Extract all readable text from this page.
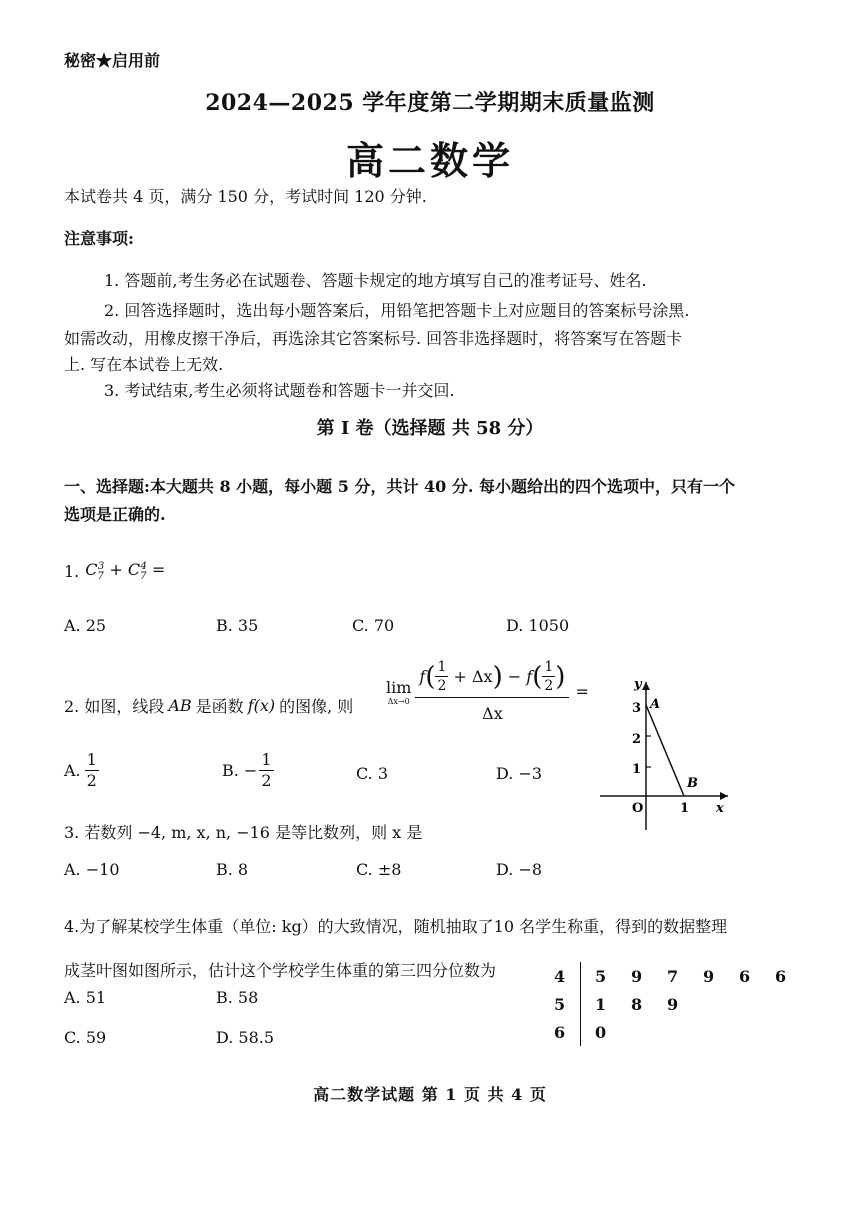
秘密★启用前
2024—2025 学年度第二学期期末质量监测
高二数学
本试卷共 4 页，满分 150 分，考试时间 120 分钟.
注意事项:
1. 答题前,考生务必在试题卷、答题卡规定的地方填写自己的准考证号、姓名.
2. 回答选择题时，选出每小题答案后，用铅笔把答题卡上对应题目的答案标号涂黑.
如需改动，用橡皮擦干净后，再选涂其它答案标号. 回答非选择题时，将答案写在答题卡
上. 写在本试卷上无效.
3. 考试结束,考生必须将试题卷和答题卡一并交回.
第 I 卷（选择题 共 58 分）
一、选择题:本大题共 8 小题，每小题 5 分，共计 40 分. 每小题给出的四个选项中，只有一个
选项是正确的.
1. $C_7^3 + C_7^4$ =
A. 25	B. 35	C. 70	D. 1050
2. 如图，线段 AB 是函数 f(x) 的图像, 则
lim
$\Delta x\to 0 \frac{f ( \frac{1}{2} + \Delta x ) - f ( \frac{1}{2} )}{\Delta x}$ =
A. $\frac{1}{2}$	B. − $\frac{1}{2}$	C. 3	D. −3
y
A
3
2
1
B
O	1 x
3. 若数列 −4, m, x, n, −16 是等比数列，则 x 是
A. −10	B. 8	C. ±8	D. −8
4.为了解某校学生体重（单位: kg）的大致情况，随机抽取了10 名学生称重，得到的数据整理
成茎叶图如图所示，估计这个学校学生体重的第三四分位数为
A. 51	B. 58
C. 59	D. 58.5
4		5	9	7	9	6	6
5		1	8	9			
6		0					
高二数学试题 第 1 页 共 4 页
